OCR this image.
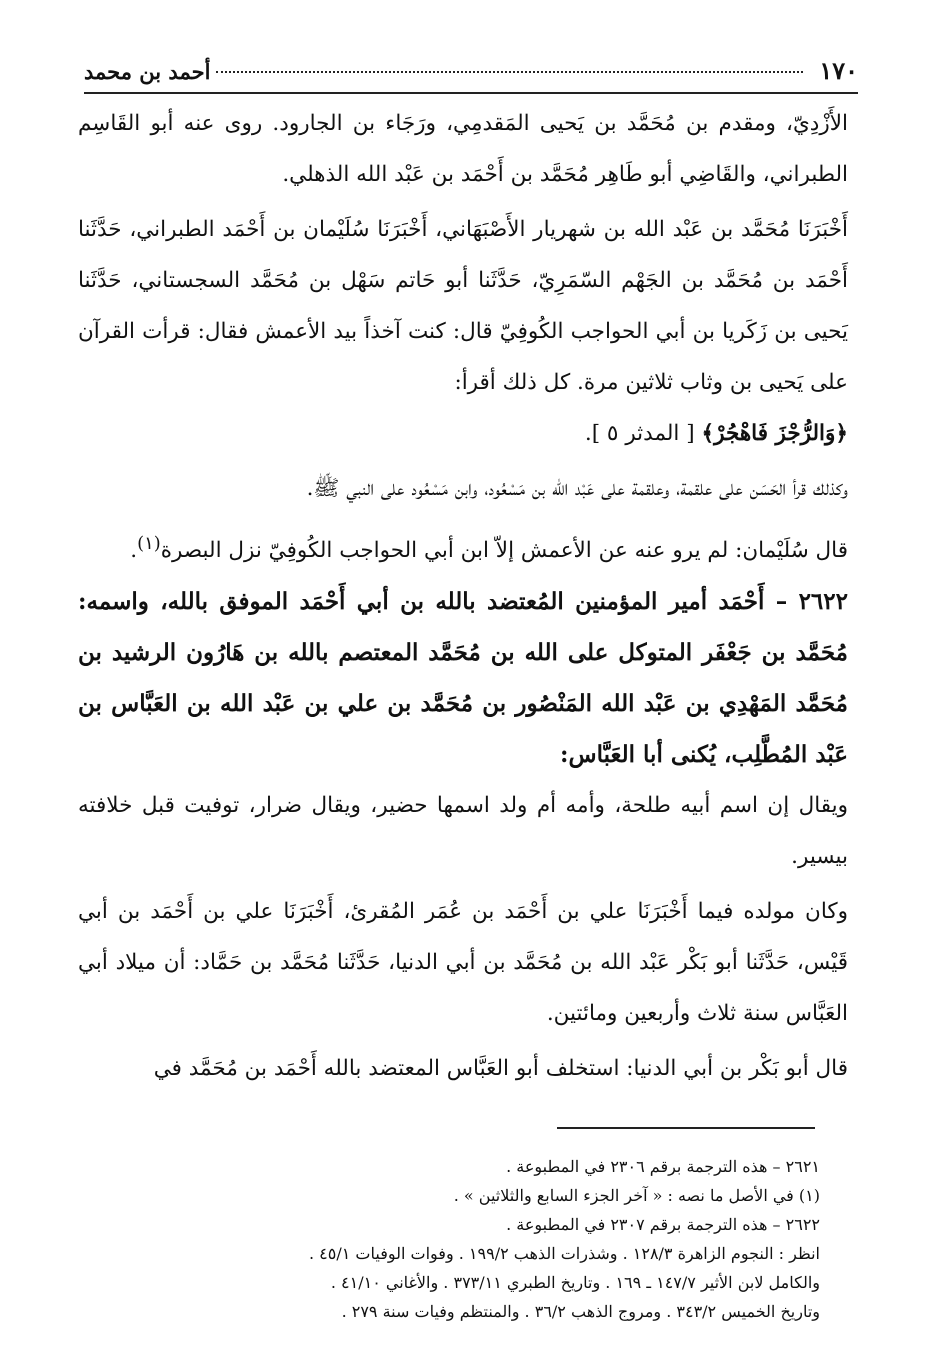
١٧٠
أحمد بن محمد

الأَزْدِيّ، ومقدم بن مُحَمَّد بن يَحيى المَقدمِي، ورَجَاء بن الجارود. روى عنه أبو القَاسِم الطبراني، والقَاضِي أبو طَاهِر مُحَمَّد بن أَحْمَد بن عَبْد الله الذهلي.

أَخْبَرَنَا مُحَمَّد بن عَبْد الله بن شهريار الأَصْبَهَاني، أَخْبَرَنَا سُلَيْمان بن أَحْمَد الطبراني، حَدَّثَنا أَحْمَد بن مُحَمَّد بن الجَهْم السّمَرِيّ، حَدَّثَنا أبو حَاتم سَهْل بن مُحَمَّد السجستاني، حَدَّثَنا يَحيى بن زَكَريا بن أبي الحواجب الكُوفِيّ قال: كنت آخذاً بيد الأعمش فقال: قرأت القرآن على يَحيى بن وثاب ثلاثين مرة. كل ذلك أقرأ:
﴿وَالرُّجْزَ فَاهْجُرْ﴾ [ المدثر ٥ ].

وكذلك قرأ الحَسَن على علقمة، وعلقمة على عَبْد الله بن مَسْعُود، وابن مَسْعُود على النبي ﷺ.

قال سُلَيْمان: لم يرو عنه عن الأعمش إلاّ ابن أبي الحواجب الكُوفِيّ نزل البصرة$^{(١)}$.

٢٦٢٢ – أَحْمَد أمير المؤمنين المُعتضد بالله بن أبي أَحْمَد الموفق بالله، واسمه: مُحَمَّد بن جَعْفَر المتوكل على الله بن مُحَمَّد المعتصم بالله بن هَارُون الرشيد بن مُحَمَّد المَهْدِي بن عَبْد الله المَنْصُور بن مُحَمَّد بن علي بن عَبْد الله بن العَبَّاس بن عَبْد المُطَّلِب، يُكنى أبا العَبَّاس:

ويقال إن اسم أبيه طلحة، وأمه أم ولد اسمها حضير، ويقال ضرار، توفيت قبل خلافته بيسير.

وكان مولده فيما أَخْبَرَنَا علي بن أَحْمَد بن عُمَر المُقرئ، أَخْبَرَنَا علي بن أَحْمَد بن أبي قَيْس، حَدَّثَنا أبو بَكْر عَبْد الله بن مُحَمَّد بن أبي الدنيا، حَدَّثَنا مُحَمَّد بن حَمَّاد: أن ميلاد أبي العَبَّاس سنة ثلاث وأربعين ومائتين.

قال أبو بَكْر بن أبي الدنيا: استخلف أبو العَبَّاس المعتضد بالله أَحْمَد بن مُحَمَّد في

٢٦٢١ – هذه الترجمة برقم ٢٣٠٦ في المطبوعة .

(١) في الأصل ما نصه : « آخر الجزء السابع والثلاثين » .

٢٦٢٢ – هذه الترجمة برقم ٢٣٠٧ في المطبوعة .

انظر : النجوم الزاهرة ١٢٨/٣ . وشذرات الذهب ١٩٩/٢ . وفوات الوفيات ٤٥/١ .

والكامل لابن الأثير ١٤٧/٧ ـ ١٦٩ . وتاريخ الطبري ٣٧٣/١١ . والأغاني ٤١/١٠ .

وتاريخ الخميس ٣٤٣/٢ . ومروج الذهب ٣٦/٢ . والمنتظم وفيات سنة ٢٧٩ .
